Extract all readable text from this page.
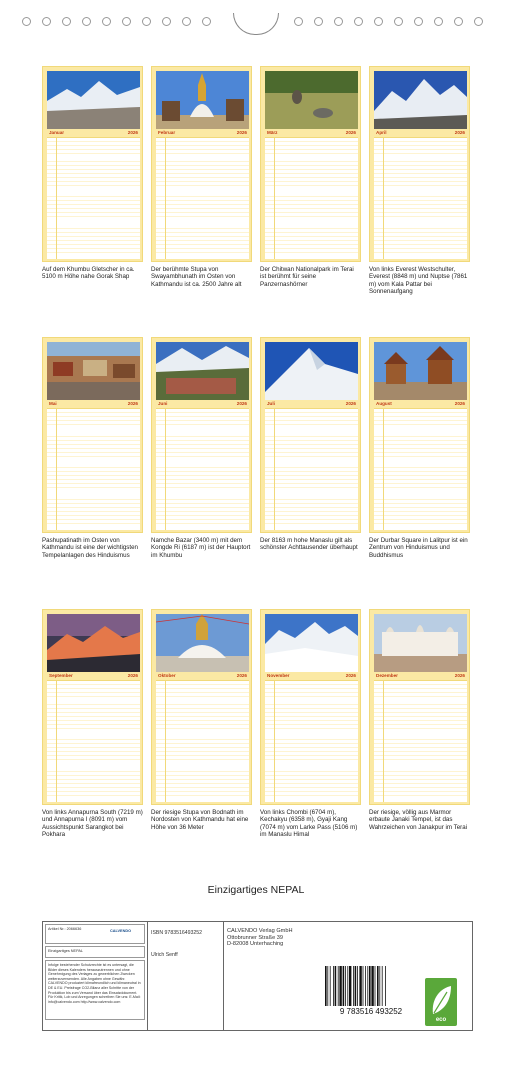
Januar	2026
Auf dem Khumbu Gletscher in ca. 5100 m Höhe nahe Gorak Shap
Februar	2026
Der berühmte Stupa von Swayambhunath im Osten von Kathmandu ist ca. 2500 Jahre alt
März	2026
Der Chitwan Nationalpark im Terai ist berühmt für seine Panzernashörner
April	2026
Von links Everest Westschulter, Everest (8848 m) und Nuptse (7861 m) vom Kala Pattar bei Sonnenaufgang
Mai	2026
Pashupatinath im Osten von Kathmandu ist eine der wichtigsten Tempelanlagen des Hinduismus
Juni	2026
Namche Bazar (3400 m) mit dem Kongde Ri (6187 m) ist der Hauptort im Khumbu
Juli	2026
Der 8163 m hohe Manaslu gilt als schönster Achttausender überhaupt
August	2026
Der Durbar Square in Lalitpur ist ein Zentrum von Hinduismus und Buddhismus
September	2026
Von links Annapurna South (7219 m) und Annapurna I (8091 m) vom Aussichtspunkt Sarangkot bei Pokhara
Oktober	2026
Der riesige Stupa von Bodnath im Nordosten von Kathmandu hat eine Höhe von 36 Meter
November	2026
Von links Chombi (6704 m), Kechakyu (6358 m), Gyaji Kang (7074 m) vom Larke Pass (5106 m) im Manaslu Himal
Dezember	2026
Der riesige, völlig aus Marmor erbaute Janaki Tempel, ist das Wahrzeichen von Janakpur im Terai
Einzigartiges NEPAL
Artikel Nr.: 2066636	CALVENDO
Einzigartiges NEPAL
Infolge bestehender Schutzrechte ist es untersagt, die Bilder dieses Kalenders herauszutrennen und ohne Genehmigung des Verlages zu gewerblichen Zwecken weiterzuverwenden. Alle Angaben ohne Gewähr. CALVENDO produziert klimafreundlich und klimaneutral in DE & EU. Preisfrage CO2-Bilanz aller Schritte von der Produktion bis zum Versand über das Einsatzdokument. Für Kritik, Lob und Anregungen schreiben Sie uns: E-Mail: info@calvendo.com http://www.calvendo.com
ISBN 9783516493252
Ulrich Senff
CALVENDO Verlag GmbH
Ottobrunner Straße 39
D-82008 Unterhaching
9 783516 493252
eco
